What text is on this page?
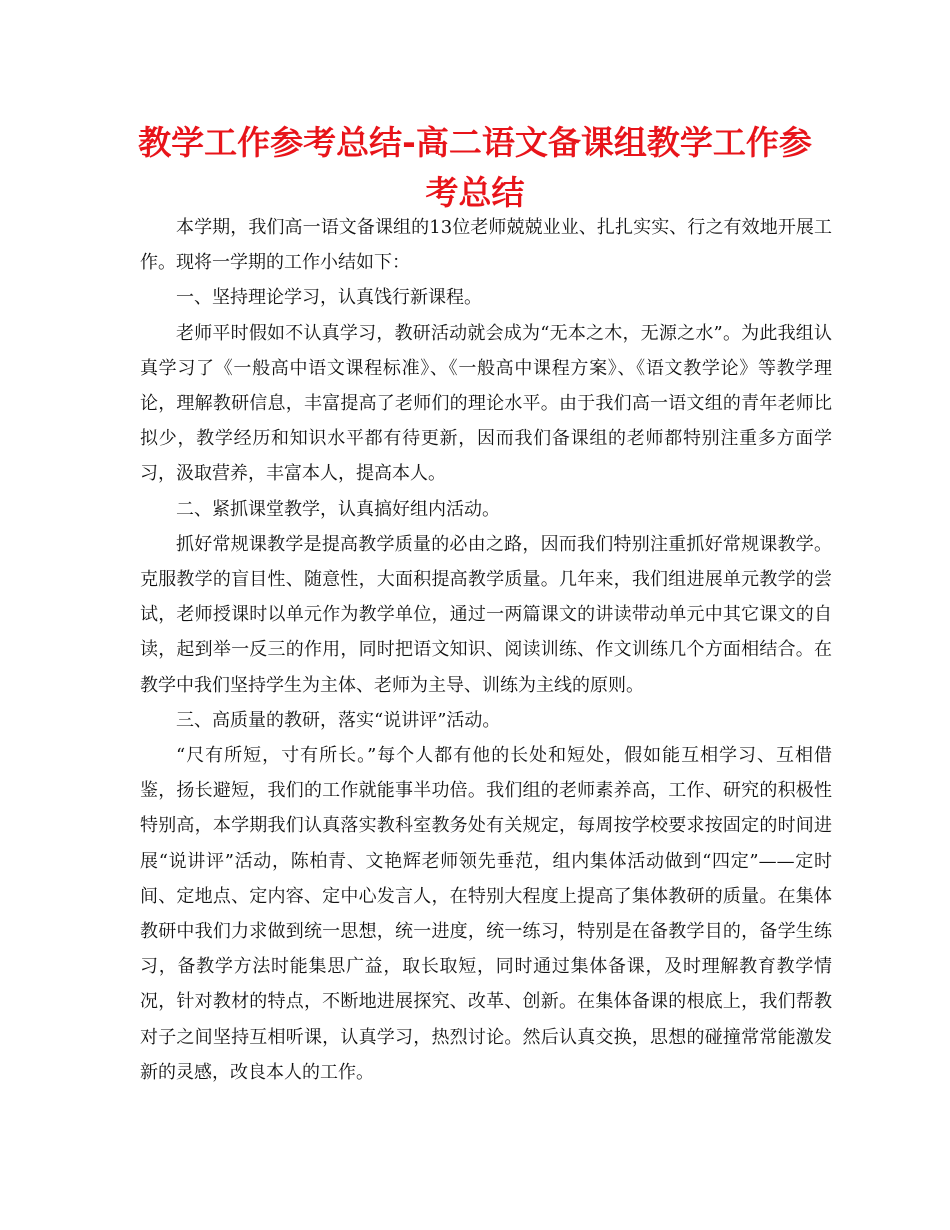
教学工作参考总结-高二语文备课组教学工作参考总结

本学期，我们高一语文备课组的13位老师兢兢业业、扎扎实实、行之有效地开展工作。现将一学期的工作小结如下：

一、坚持理论学习，认真饯行新课程。

老师平时假如不认真学习，教研活动就会成为“无本之木，无源之水”。为此我组认真学习了《一般高中语文课程标准》、《一般高中课程方案》、《语文教学论》等教学理论，理解教研信息，丰富提高了老师们的理论水平。由于我们高一语文组的青年老师比拟少，教学经历和知识水平都有待更新，因而我们备课组的老师都特别注重多方面学习，汲取营养，丰富本人，提高本人。

二、紧抓课堂教学，认真搞好组内活动。

抓好常规课教学是提高教学质量的必由之路，因而我们特别注重抓好常规课教学。克服教学的盲目性、随意性，大面积提高教学质量。几年来，我们组进展单元教学的尝试，老师授课时以单元作为教学单位，通过一两篇课文的讲读带动单元中其它课文的自读，起到举一反三的作用，同时把语文知识、阅读训练、作文训练几个方面相结合。在教学中我们坚持学生为主体、老师为主导、训练为主线的原则。

三、高质量的教研，落实“说讲评”活动。

“尺有所短，寸有所长。”每个人都有他的长处和短处，假如能互相学习、互相借鉴，扬长避短，我们的工作就能事半功倍。我们组的老师素养高，工作、研究的积极性特别高，本学期我们认真落实教科室教务处有关规定，每周按学校要求按固定的时间进展“说讲评”活动，陈柏青、文艳辉老师领先垂范，组内集体活动做到“四定”——定时间、定地点、定内容、定中心发言人，在特别大程度上提高了集体教研的质量。在集体教研中我们力求做到统一思想，统一进度，统一练习，特别是在备教学目的，备学生练习，备教学方法时能集思广益，取长取短，同时通过集体备课，及时理解教育教学情况，针对教材的特点，不断地进展探究、改革、创新。在集体备课的根底上，我们帮教对子之间坚持互相听课，认真学习，热烈讨论。然后认真交换，思想的碰撞常常能激发新的灵感，改良本人的工作。
